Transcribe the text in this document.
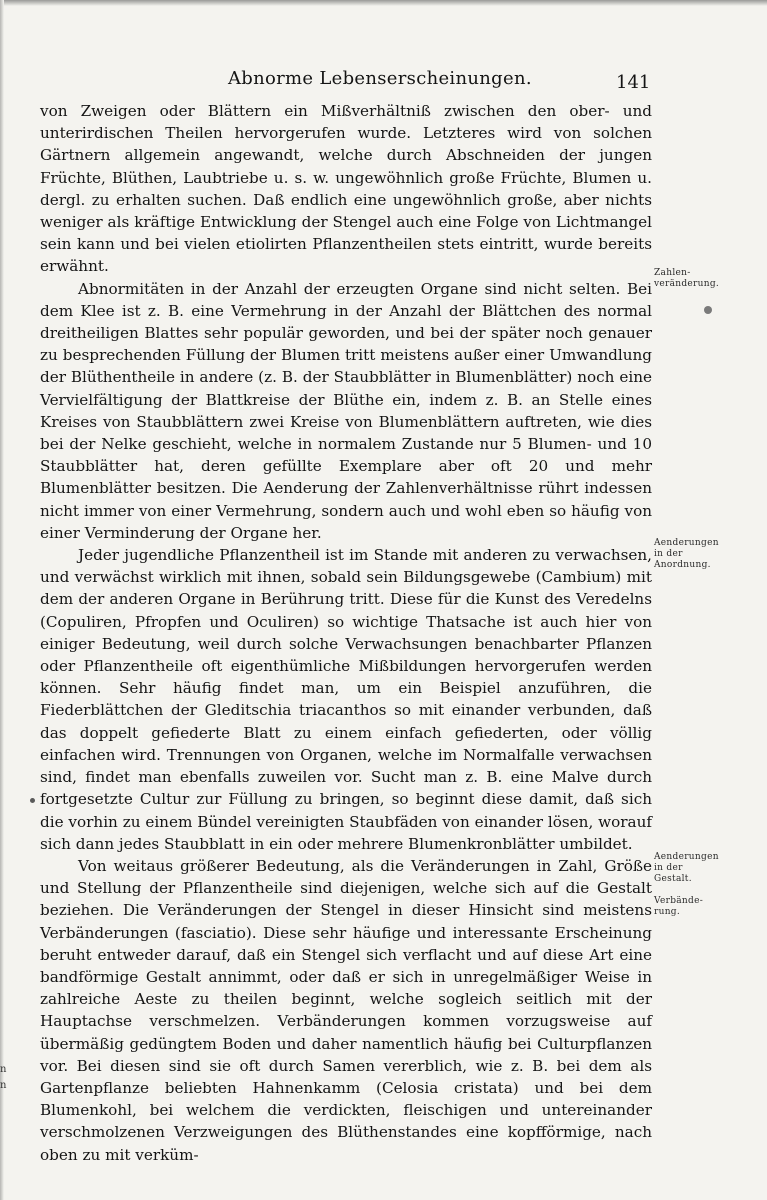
Abnorme Lebenserscheinungen.	141

von Zweigen oder Blättern ein Mißverhältniß zwischen den ober- und unterirdischen Theilen hervorgerufen wurde. Letzteres wird von solchen Gärtnern allgemein angewandt, welche durch Abschneiden der jungen Früchte, Blüthen, Laubtriebe u. s. w. ungewöhnlich große Früchte, Blumen u. dergl. zu erhalten suchen. Daß endlich eine ungewöhnlich große, aber nichts weniger als kräftige Entwicklung der Stengel auch eine Folge von Lichtmangel sein kann und bei vielen etiolirten Pflanzentheilen stets eintritt, wurde bereits erwähnt.

Abnormitäten in der Anzahl der erzeugten Organe sind nicht selten. Bei dem Klee ist z. B. eine Vermehrung in der Anzahl der Blättchen des normal dreitheiligen Blattes sehr populär geworden, und bei der später noch genauer zu besprechenden Füllung der Blumen tritt meistens außer einer Umwandlung der Blüthentheile in andere (z. B. der Staubblätter in Blumenblätter) noch eine Vervielfältigung der Blattkreise der Blüthe ein, indem z. B. an Stelle eines Kreises von Staubblättern zwei Kreise von Blumenblättern auftreten, wie dies bei der Nelke geschieht, welche in normalem Zustande nur 5 Blumen- und 10 Staubblätter hat, deren gefüllte Exemplare aber oft 20 und mehr Blumenblätter besitzen. Die Aenderung der Zahlenverhältnisse rührt indessen nicht immer von einer Vermehrung, sondern auch und wohl eben so häufig von einer Verminderung der Organe her.

Jeder jugendliche Pflanzentheil ist im Stande mit anderen zu verwachsen, und verwächst wirklich mit ihnen, sobald sein Bildungsgewebe (Cambium) mit dem der anderen Organe in Berührung tritt. Diese für die Kunst des Veredelns (Copuliren, Pfropfen und Oculiren) so wichtige Thatsache ist auch hier von einiger Bedeutung, weil durch solche Verwachsungen benachbarter Pflanzen oder Pflanzentheile oft eigenthümliche Mißbildungen hervorgerufen werden können. Sehr häufig findet man, um ein Beispiel anzuführen, die Fiederblättchen der Gleditschia triacanthos so mit einander verbunden, daß das doppelt gefiederte Blatt zu einem einfach gefiederten, oder völlig einfachen wird. Trennungen von Organen, welche im Normalfalle verwachsen sind, findet man ebenfalls zuweilen vor. Sucht man z. B. eine Malve durch fortgesetzte Cultur zur Füllung zu bringen, so beginnt diese damit, daß sich die vorhin zu einem Bündel vereinigten Staubfäden von einander lösen, worauf sich dann jedes Staubblatt in ein oder mehrere Blumenkronblätter umbildet.

Von weitaus größerer Bedeutung, als die Veränderungen in Zahl, Größe und Stellung der Pflanzentheile sind diejenigen, welche sich auf die Gestalt beziehen. Die Veränderungen der Stengel in dieser Hinsicht sind meistens Verbänderungen (fasciatio). Diese sehr häufige und interessante Erscheinung beruht entweder darauf, daß ein Stengel sich verflacht und auf diese Art eine bandförmige Gestalt annimmt, oder daß er sich in unregelmäßiger Weise in zahlreiche Aeste zu theilen beginnt, welche sogleich seitlich mit der Hauptachse verschmelzen. Verbänderungen kommen vorzugsweise auf übermäßig gedüngtem Boden und daher namentlich häufig bei Culturpflanzen vor. Bei diesen sind sie oft durch Samen vererblich, wie z. B. bei dem als Gartenpflanze beliebten Hahnenkamm (Celosia cristata) und bei dem Blumenkohl, bei welchem die verdickten, fleischigen und untereinander verschmolzenen Verzweigungen des Blüthenstandes eine kopfförmige, nach oben zu mit verküm-

Zahlen-
veränderung.
Aenderungen
in der
Anordnung.
Aenderungen
in der
Gestalt.
Verbände-
rung.
n
n
